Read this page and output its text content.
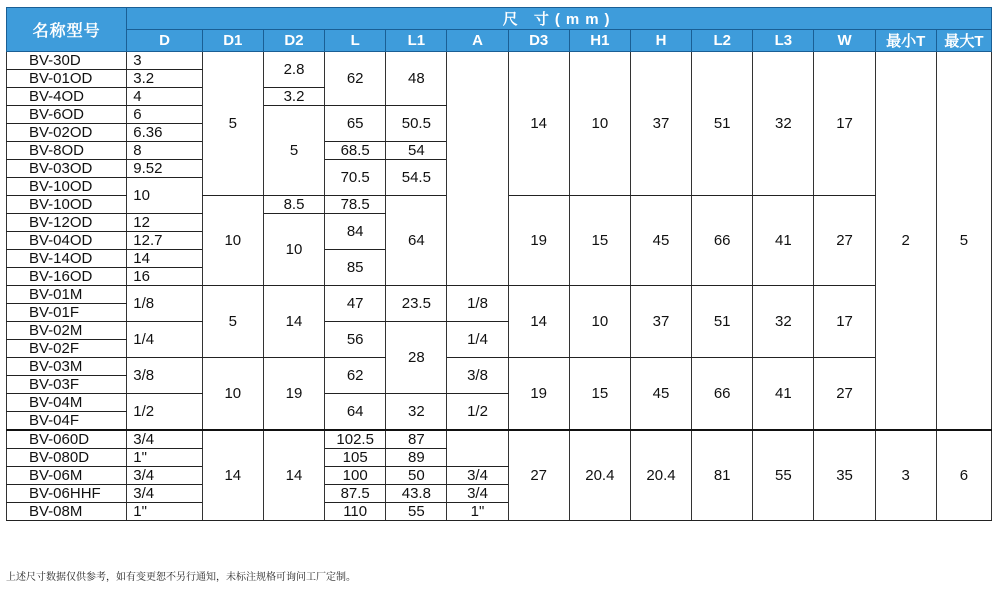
名称型号	尺 寸(mm)													
	D	D1	D2	L	L1	A	D3	H1	H	L2	L3	W	最小T	最大T
BV-30D	3	5	2.8	62	48		14	10	37	51	32	17	2	5
BV-01OD	3.2													
BV-4OD	4		3.2											
BV-6OD	6		5	65	50.5									
BV-02OD	6.36													
BV-8OD	8			68.5	54									
BV-03OD	9.52			70.5	54.5									
BV-10OD	10													
BV-10OD		10	8.5	78.5	64		19	15	45	66	41	27		
BV-12OD	12		10	84										
BV-04OD	12.7													
BV-14OD	14			85										
BV-16OD	16													
BV-01M	1/8	5	14	47	23.5	1/8	14	10	37	51	32	17		
BV-01F														
BV-02M	1/4			56	28	1/4								
BV-02F														
BV-03M	3/8	10	19	62		3/8	19	15	45	66	41	27		
BV-03F														
BV-04M	1/2			64	32	1/2								
BV-04F														
BV-060D	3/4	14	14	102.5	87		27	20.4	20.4	81	55	35	3	6
BV-080D	1"			105	89									
BV-06M	3/4			100	50	3/4								
BV-06HHF	3/4			87.5	43.8	3/4								
BV-08M	1"			110	55	1"								
上述尺寸数据仅供参考，如有变更恕不另行通知，未标注规格可询问工厂定制。
